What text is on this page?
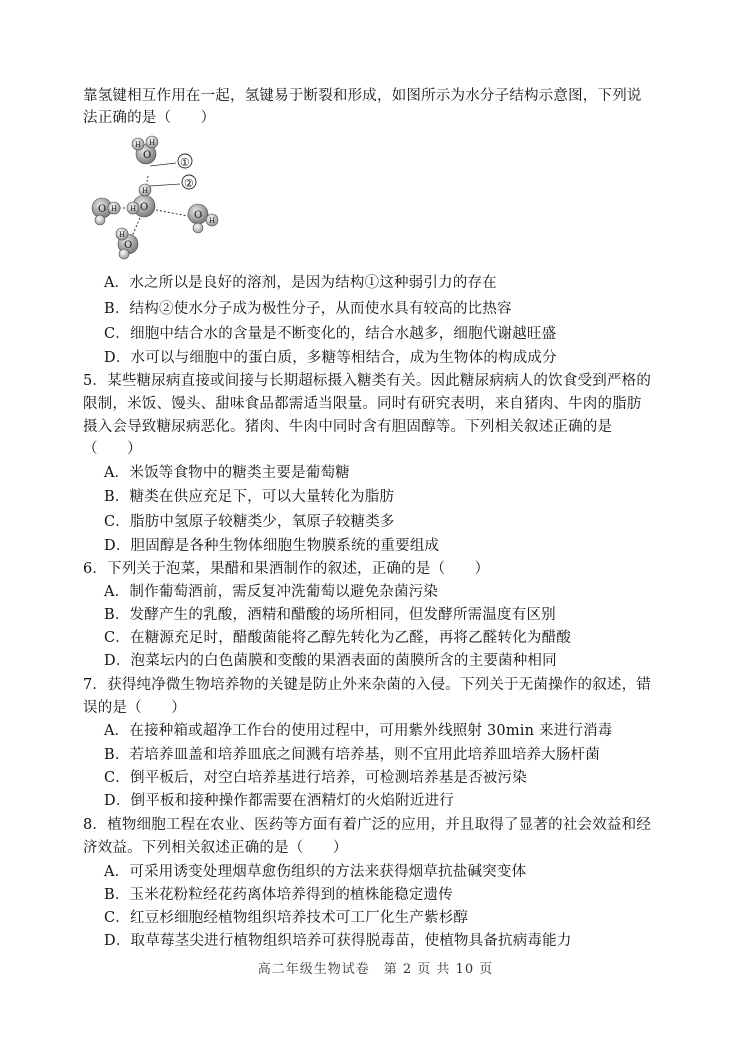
靠氢键相互作用在一起，氢键易于断裂和形成，如图所示为水分子结构示意图，下列说
法正确的是（　　）
O
H H
O
H
H
O H
O H
O
H
①
②
A．水之所以是良好的溶剂，是因为结构①这种弱引力的存在
B．结构②使水分子成为极性分子，从而使水具有较高的比热容
C．细胞中结合水的含量是不断变化的，结合水越多，细胞代谢越旺盛
D．水可以与细胞中的蛋白质，多糖等相结合，成为生物体的构成成分
5．某些糖尿病直接或间接与长期超标摄入糖类有关。因此糖尿病病人的饮食受到严格的
限制，米饭、馒头、甜味食品都需适当限量。同时有研究表明，来自猪肉、牛肉的脂肪
摄入会导致糖尿病恶化。猪肉、牛肉中同时含有胆固醇等。下列相关叙述正确的是
（　　）
A．米饭等食物中的糖类主要是葡萄糖
B．糖类在供应充足下，可以大量转化为脂肪
C．脂肪中氢原子较糖类少，氧原子较糖类多
D．胆固醇是各种生物体细胞生物膜系统的重要组成
6．下列关于泡菜，果醋和果酒制作的叙述，正确的是（　　）
A．制作葡萄酒前，需反复冲洗葡萄以避免杂菌污染
B．发酵产生的乳酸，酒精和醋酸的场所相同，但发酵所需温度有区别
C．在糖源充足时，醋酸菌能将乙醇先转化为乙醛，再将乙醛转化为醋酸
D．泡菜坛内的白色菌膜和变酸的果酒表面的菌膜所含的主要菌种相同
7．获得纯净微生物培养物的关键是防止外来杂菌的入侵。下列关于无菌操作的叙述，错
误的是（　　）
A．在接种箱或超净工作台的使用过程中，可用紫外线照射 30min 来进行消毒
B．若培养皿盖和培养皿底之间溅有培养基，则不宜用此培养皿培养大肠杆菌
C．倒平板后，对空白培养基进行培养，可检测培养基是否被污染
D．倒平板和接种操作都需要在酒精灯的火焰附近进行
8．植物细胞工程在农业、医药等方面有着广泛的应用，并且取得了显著的社会效益和经
济效益。下列相关叙述正确的是（　　）
A．可采用诱变处理烟草愈伤组织的方法来获得烟草抗盐碱突变体
B．玉米花粉粒经花药离体培养得到的植株能稳定遗传
C．红豆杉细胞经植物组织培养技术可工厂化生产紫杉醇
D．取草莓茎尖进行植物组织培养可获得脱毒苗，使植物具备抗病毒能力
高二年级生物试卷　第 2 页 共 10 页
